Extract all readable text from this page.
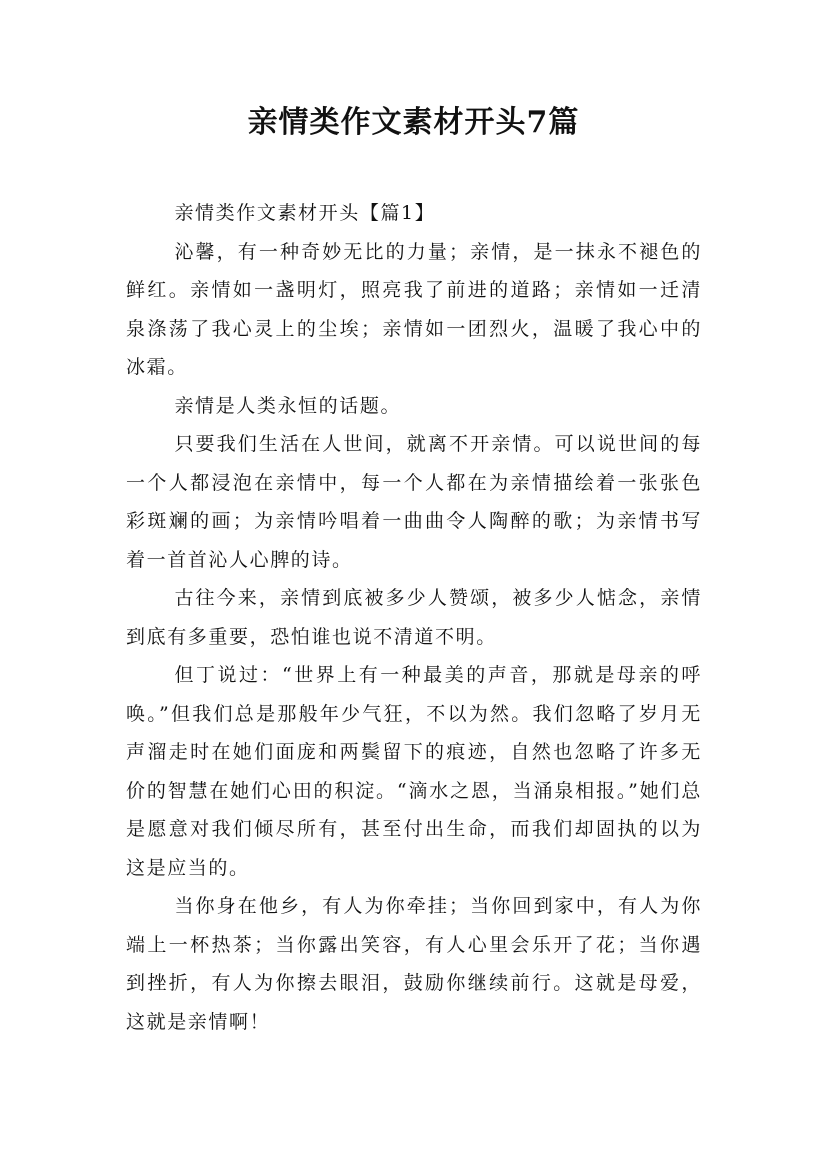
亲情类作文素材开头7篇

亲情类作文素材开头【篇1】

沁馨，有一种奇妙无比的力量；亲情，是一抹永不褪色的鲜红。亲情如一盏明灯，照亮我了前进的道路；亲情如一迁清泉涤荡了我心灵上的尘埃；亲情如一团烈火，温暖了我心中的冰霜。

亲情是人类永恒的话题。

只要我们生活在人世间，就离不开亲情。可以说世间的每一个人都浸泡在亲情中，每一个人都在为亲情描绘着一张张色彩斑斓的画；为亲情吟唱着一曲曲令人陶醉的歌；为亲情书写着一首首沁人心脾的诗。

古往今来，亲情到底被多少人赞颂，被多少人惦念，亲情到底有多重要，恐怕谁也说不清道不明。

但丁说过：“世界上有一种最美的声音，那就是母亲的呼唤。”但我们总是那般年少气狂，不以为然。我们忽略了岁月无声溜走时在她们面庞和两鬓留下的痕迹，自然也忽略了许多无价的智慧在她们心田的积淀。“滴水之恩，当涌泉相报。”她们总是愿意对我们倾尽所有，甚至付出生命，而我们却固执的以为这是应当的。

当你身在他乡，有人为你牵挂；当你回到家中，有人为你端上一杯热茶；当你露出笑容，有人心里会乐开了花；当你遇到挫折，有人为你擦去眼泪，鼓励你继续前行。这就是母爱，这就是亲情啊！
